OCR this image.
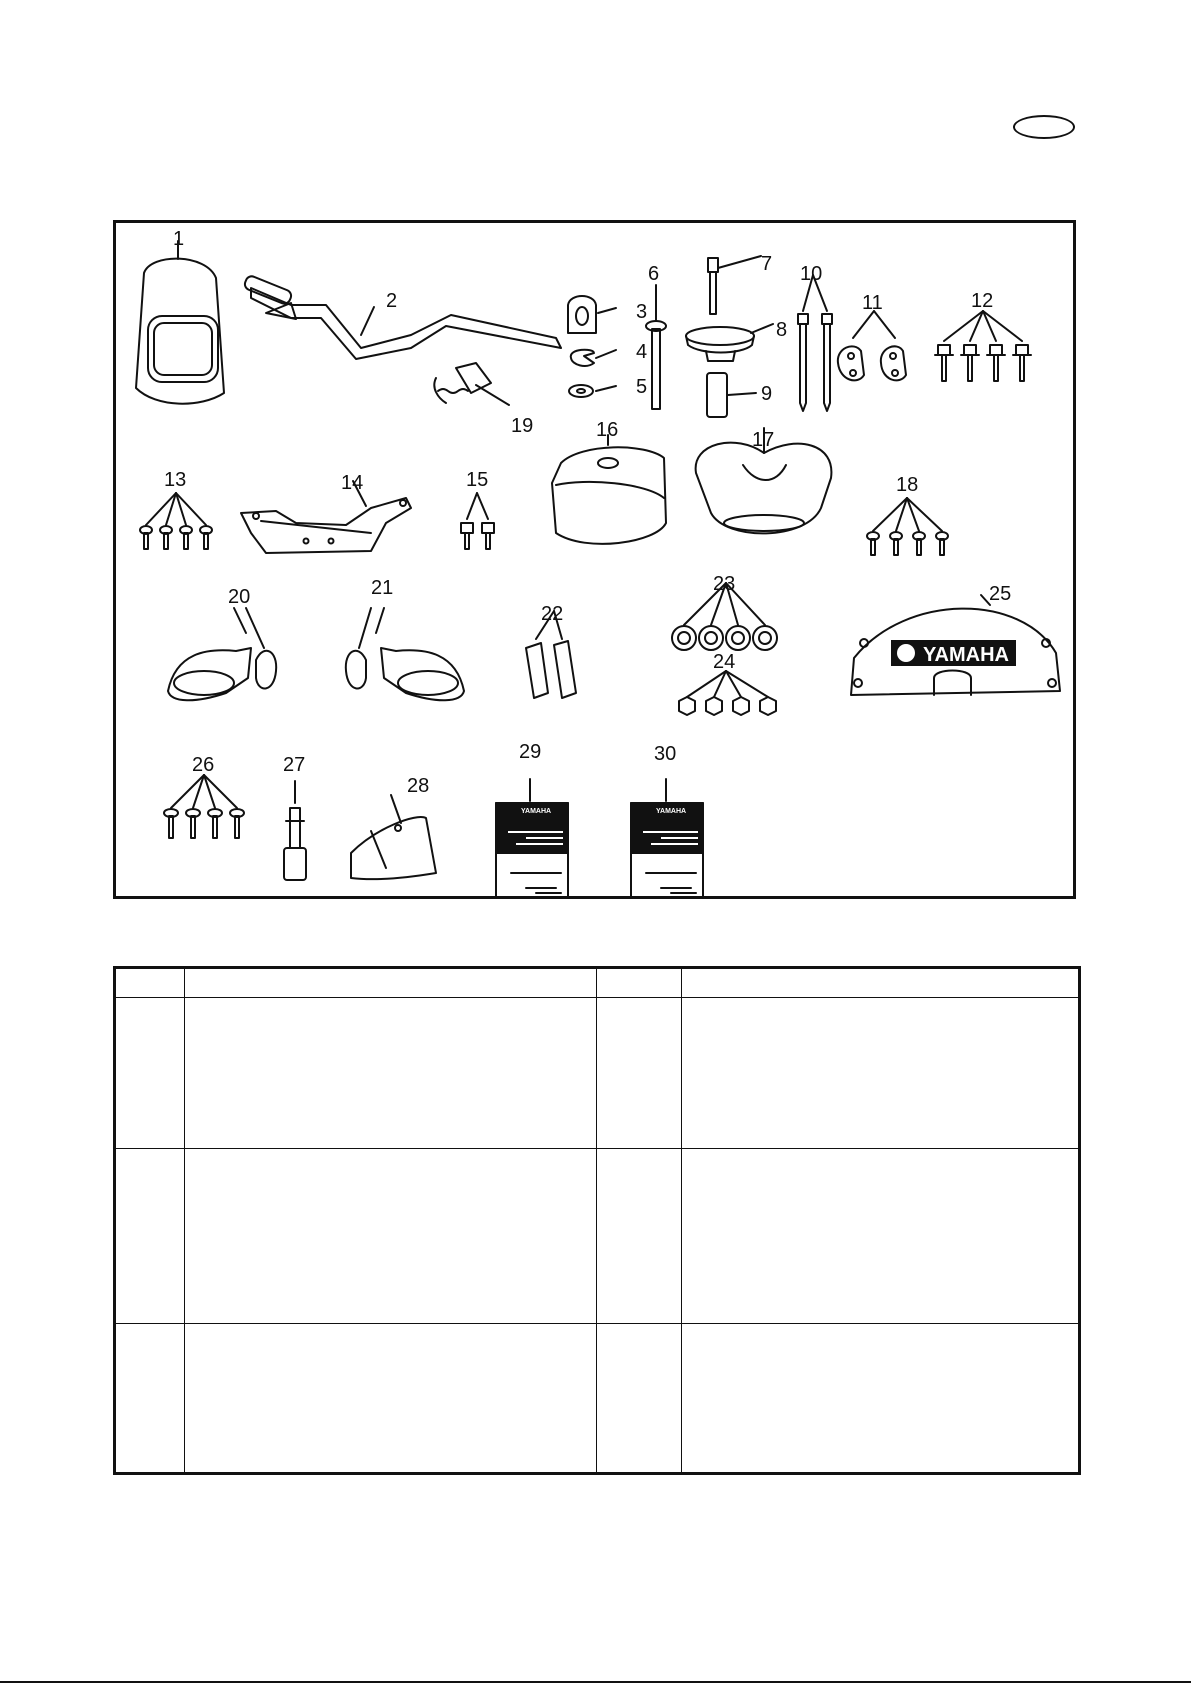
YAMAHA
YAMAHA	YAMAHA
1
2	3
4
5
6	7
8
9
10
11	12
13	14	15
16	17
18
19
20	21
22
23
24
25
26	27
28
29	30
